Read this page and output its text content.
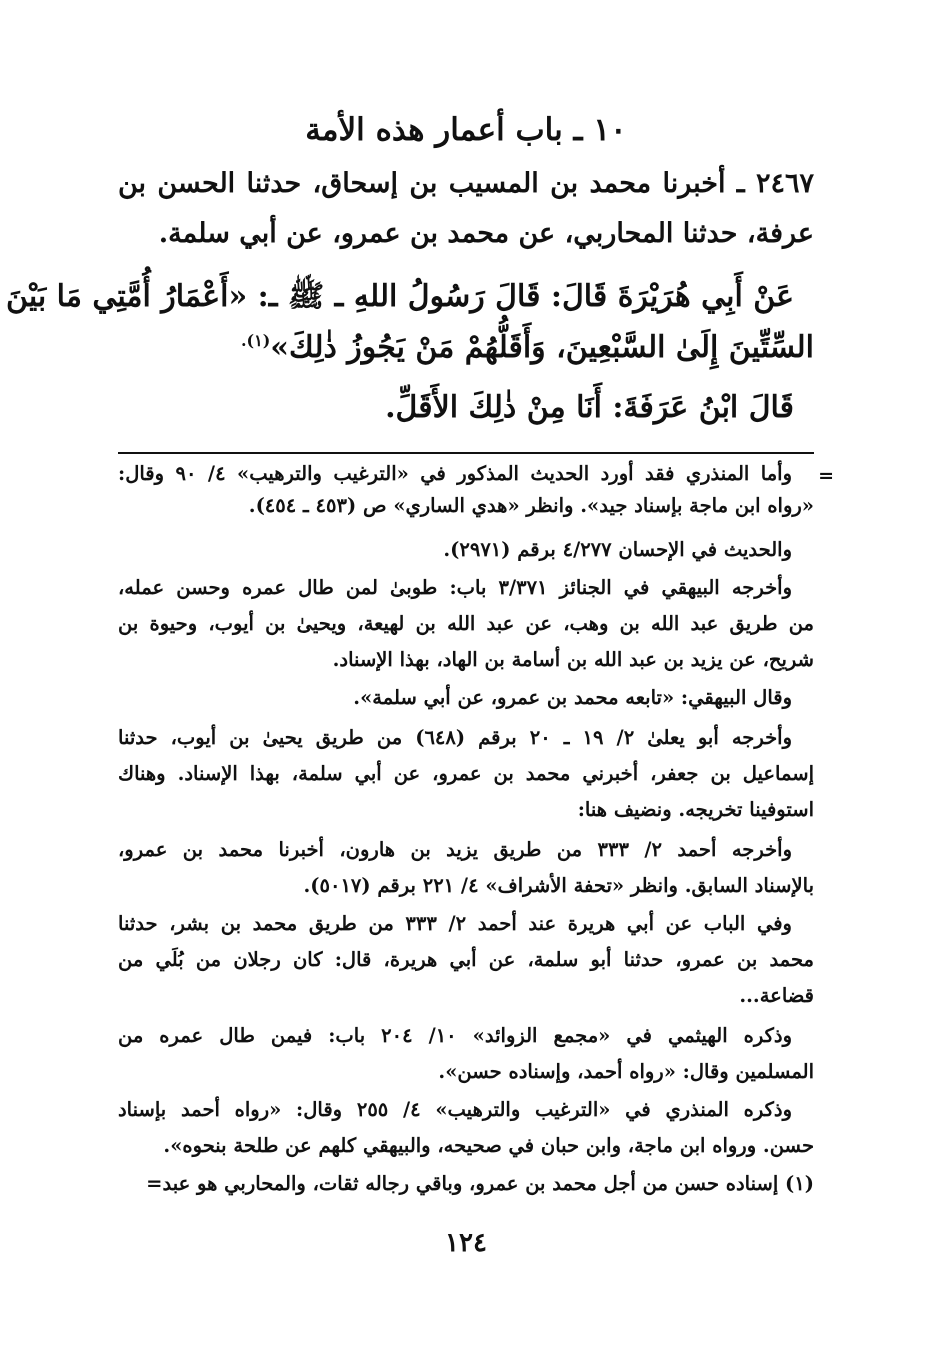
١٠ ـ باب أعمار هذه الأمة
٢٤٦٧ ـ أخبرنا محمد بن المسيب بن إسحاق، حدثنا الحسن بن
عرفة، حدثنا المحاربي، عن محمد بن عمرو، عن أبي سلمة.
عَنْ أَبِي هُرَيْرَةَ قَالَ: قَالَ رَسُولُ اللهِ ـ ﷺ ـ: «أَعْمَارُ أُمَّتِي مَا بَيْنَ
السِّتِّينَ إِلَىٰ السَّبْعِينَ، وَأَقَلُّهُمْ مَنْ يَجُوزُ ذٰلِكَ»$^{(١).}$
قَالَ ابْنُ عَرَفَةَ: أَنَا مِنْ ذٰلِكَ الأَقَلِّ.
=
وأما المنذري فقد أورد الحديث المذكور في «الترغيب والترهيب» ٤/ ٩٠ وقال:
«رواه ابن ماجة بإسناد جيد». وانظر «هدي الساري» ص (٤٥٣ ـ ٤٥٤).
والحديث في الإحسان ٤/٢٧٧ برقم (٢٩٧١).
وأخرجه البيهقي في الجنائز ٣/٣٧١ باب: طوبىٰ لمن طال عمره وحسن عمله،
من طريق عبد الله بن وهب، عن عبد الله بن لهيعة، ويحيىٰ بن أيوب، وحيوة بن
شريح، عن يزيد بن عبد الله بن أسامة بن الهاد، بهذا الإسناد.
وقال البيهقي: «تابعه محمد بن عمرو، عن أبي سلمة».
وأخرجه أبو يعلىٰ ٢/ ١٩ ـ ٢٠ برقم (٦٤٨) من طريق يحيىٰ بن أيوب، حدثنا
إسماعيل بن جعفر، أخبرني محمد بن عمرو، عن أبي سلمة، بهذا الإسناد. وهناك
استوفينا تخريجه. ونضيف هنا:
وأخرجه أحمد ٢/ ٣٣٣ من طريق يزيد بن هارون، أخبرنا محمد بن عمرو،
بالإسناد السابق. وانظر «تحفة الأشراف» ٤/ ٢٢١ برقم (٥٠١٧).
وفي الباب عن أبي هريرة عند أحمد ٢/ ٣٣٣ من طريق محمد بن بشر، حدثنا
محمد بن عمرو، حدثنا أبو سلمة، عن أبي هريرة، قال: كان رجلان من بُلَي من
قضاعة...
وذكره الهيثمي في «مجمع الزوائد» ١٠/ ٢٠٤ باب: فيمن طال عمره من
المسلمين وقال: «رواه أحمد، وإسناده حسن».
وذكره المنذري في «الترغيب والترهيب» ٤/ ٢٥٥ وقال: «رواه أحمد بإسناد
حسن. ورواه ابن ماجة، وابن حبان في صحيحه، والبيهقي كلهم عن طلحة بنحوه».
(١) إسناده حسن من أجل محمد بن عمرو، وباقي رجاله ثقات، والمحاربي هو عبد=
١٢٤
